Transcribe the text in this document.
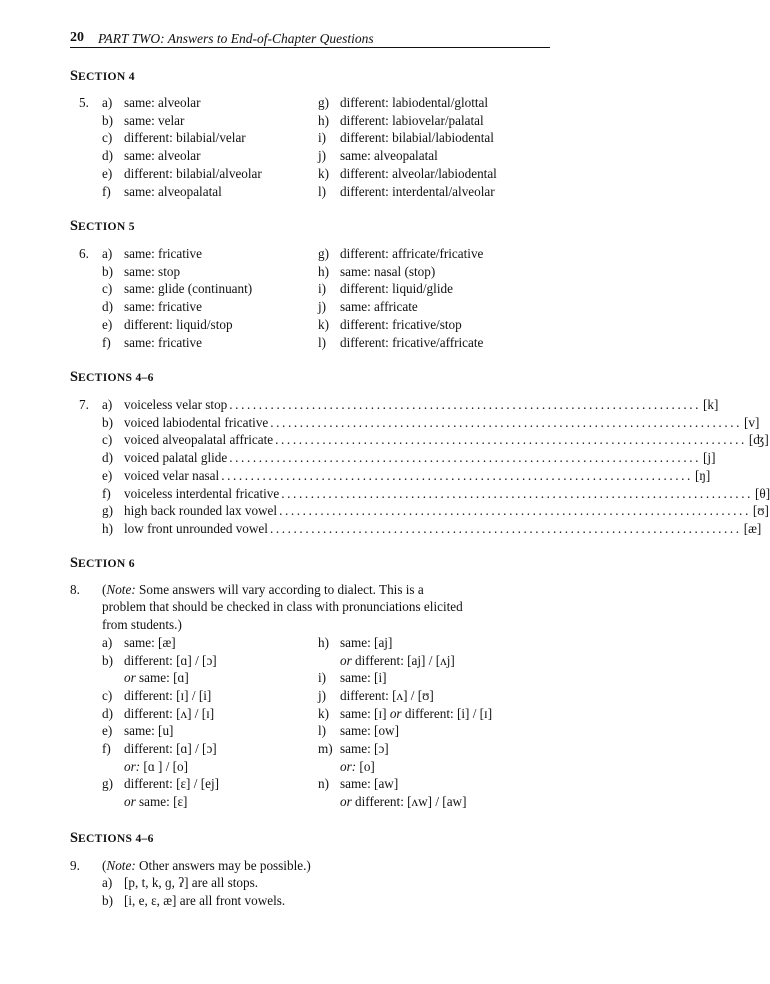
20 PART TWO: Answers to End-of-Chapter Questions
SECTION 4
5. a) same: alveolar
b) same: velar
c) different: bilabial/velar
d) same: alveolar
e) different: bilabial/alveolar
f) same: alveopalatal
g) different: labiodental/glottal
h) different: labiovelar/palatal
i) different: bilabial/labiodental
j) same: alveopalatal
k) different: alveolar/labiodental
l) different: interdental/alveolar
SECTION 5
6. a) same: fricative
b) same: stop
c) same: glide (continuant)
d) same: fricative
e) different: liquid/stop
f) same: fricative
g) different: affricate/fricative
h) same: nasal (stop)
i) different: liquid/glide
j) same: affricate
k) different: fricative/stop
l) different: fricative/affricate
SECTIONS 4–6
7. a) voiceless velar stop ................................................................................ [k]
b) voiced labiodental fricative ................................................................................ [v]
c) voiced alveopalatal affricate ................................................................................ [ʤ]
d) voiced palatal glide ................................................................................ [j]
e) voiced velar nasal ................................................................................ [ŋ]
f) voiceless interdental fricative ................................................................................ [θ]
g) high back rounded lax vowel ................................................................................ [ʊ]
h) low front unrounded vowel ................................................................................ [æ]
SECTION 6
8. (Note: Some answers will vary according to dialect. This is a
problem that should be checked in class with pronunciations elicited
from students.)
a) same: [æ]
b) different: [ɑ] / [ɔ]
or same: [ɑ]
c) different: [ɪ] / [i]
d) different: [ʌ] / [ɪ]
e) same: [u]
f) different: [ɑ] / [ɔ]
or: [ɑ ] / [o]
g) different: [ɛ] / [ej]
or same: [ɛ]
h) same: [aj]
or different: [aj] / [ʌj]
i) same: [i]
j) different: [ʌ] / [ʊ]
k) same: [ɪ] or different: [i] / [ɪ]
l) same: [ow]
m) same: [ɔ]
or: [o]
n) same: [aw]
or different: [ʌw] / [aw]
SECTIONS 4–6
9. (Note: Other answers may be possible.)
a) [p, t, k, ɡ, ʔ] are all stops.
b) [i, e, ɛ, æ] are all front vowels.
